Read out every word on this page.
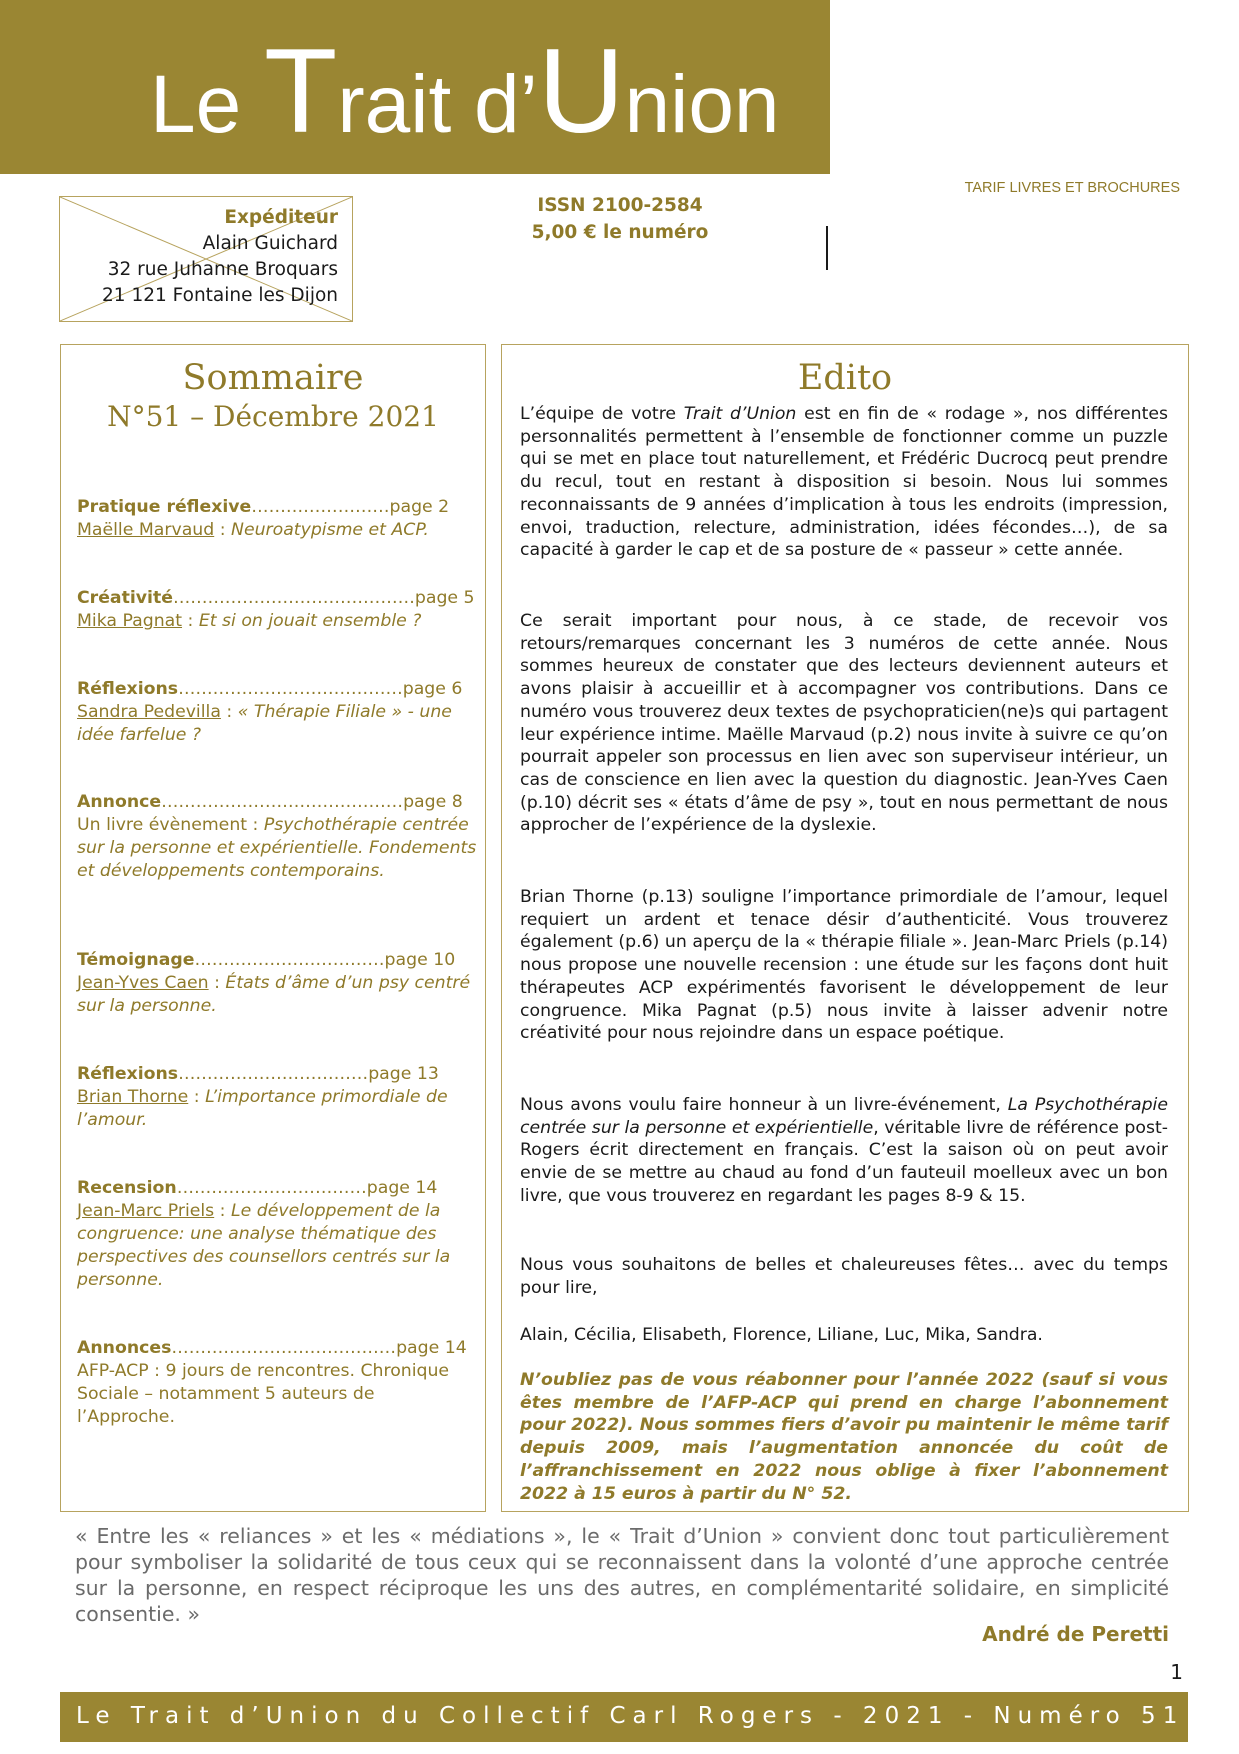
Le Trait d’Union
Expéditeur
Alain Guichard
32 rue Juhanne Broquars
21 121 Fontaine les Dijon
ISSN 2100-2584
5,00 € le numéro
TARIF LIVRES ET BROCHURES
Sommaire
N°51 – Décembre 2021
Pratique réflexive……………………page 2
Maëlle Marvaud : Neuroatypisme et ACP.
Créativité……………………………………page 5
Mika Pagnat : Et si on jouait ensemble ?
Réflexions…………………………………page 6
Sandra Pedevilla : « Thérapie Filiale » - une idée farfelue ?
Annonce……………………………………page 8
Un livre évènement : Psychothérapie centrée sur la personne et expérientielle. Fondements et développements contemporains.
Témoignage……………………………page 10
Jean-Yves Caen : États d’âme d’un psy centré sur la personne.
Réflexions……………………………page 13
Brian Thorne : L’importance primordiale de l’amour.
Recension……………………………page 14
Jean-Marc Priels : Le développement de la congruence: une analyse thématique des perspectives des counsellors centrés sur la personne.
Annonces…………………………………page 14
AFP-ACP : 9 jours de rencontres. Chronique Sociale – notamment 5 auteurs de l’Approche.
Edito
L’équipe de votre Trait d’Union est en fin de « rodage », nos différentes personnalités permettent à l’ensemble de fonctionner comme un puzzle qui se met en place tout naturellement, et Frédéric Ducrocq peut prendre du recul, tout en restant à disposition si besoin. Nous lui sommes reconnaissants de 9 années d’implication à tous les endroits (impression, envoi, traduction, relecture, administration, idées fécondes…), de sa capacité à garder le cap et de sa posture de « passeur » cette année.
Ce serait important pour nous, à ce stade, de recevoir vos retours/remarques concernant les 3 numéros de cette année. Nous sommes heureux de constater que des lecteurs deviennent auteurs et avons plaisir à accueillir et à accompagner vos contributions. Dans ce numéro vous trouverez deux textes de psychopraticien(ne)s qui partagent leur expérience intime. Maëlle Marvaud (p.2) nous invite à suivre ce qu’on pourrait appeler son processus en lien avec son superviseur intérieur, un cas de conscience en lien avec la question du diagnostic. Jean-Yves Caen (p.10) décrit ses « états d’âme de psy », tout en nous permettant de nous approcher de l’expérience de la dyslexie.
Brian Thorne (p.13) souligne l’importance primordiale de l’amour, lequel requiert un ardent et tenace désir d’authenticité. Vous trouverez également (p.6) un aperçu de la « thérapie filiale ». Jean-Marc Priels (p.14) nous propose une nouvelle recension : une étude sur les façons dont huit thérapeutes ACP expérimentés favorisent le développement de leur congruence. Mika Pagnat (p.5) nous invite à laisser advenir notre créativité pour nous rejoindre dans un espace poétique.
Nous avons voulu faire honneur à un livre-événement, La Psychothérapie centrée sur la personne et expérientielle, véritable livre de référence post-Rogers écrit directement en français. C’est la saison où on peut avoir envie de se mettre au chaud au fond d’un fauteuil moelleux avec un bon livre, que vous trouverez en regardant les pages 8-9 & 15.
Nous vous souhaitons de belles et chaleureuses fêtes… avec du temps pour lire,
Alain, Cécilia, Elisabeth, Florence, Liliane, Luc, Mika, Sandra.
N’oubliez pas de vous réabonner pour l’année 2022 (sauf si vous êtes membre de l’AFP-ACP qui prend en charge l’abonnement pour 2022). Nous sommes fiers d’avoir pu maintenir le même tarif depuis 2009, mais l’augmentation annoncée du coût de l’affranchissement en 2022 nous oblige à fixer l’abonnement 2022 à 15 euros à partir du N° 52.
« Entre les « reliances » et les « médiations », le « Trait d’Union » convient donc tout particulièrement pour symboliser la solidarité de tous ceux qui se reconnaissent dans la volonté d’une approche centrée sur la personne, en respect réciproque les uns des autres, en complémentarité solidaire, en simplicité consentie. »
André de Peretti
1
Le Trait d’Union du Collectif Carl Rogers - 2021 - Numéro 51
